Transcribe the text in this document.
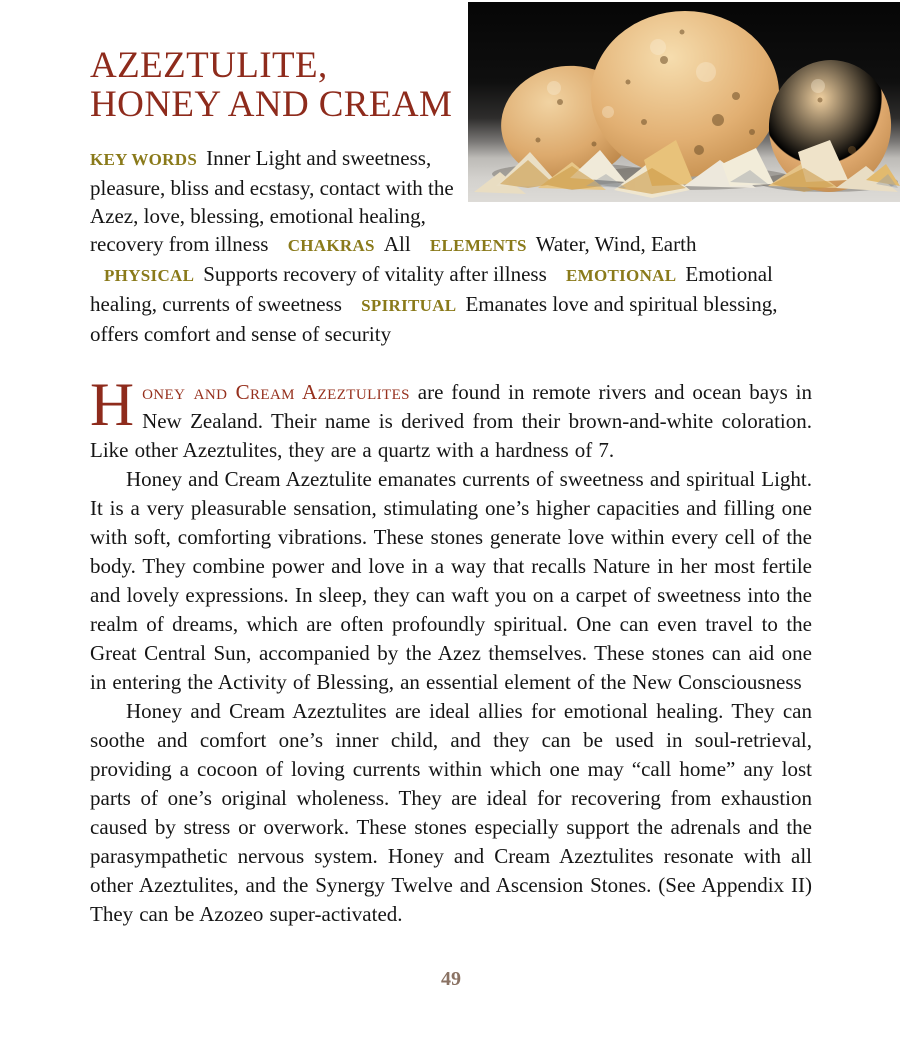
AZEZTULITE,
HONEY AND CREAM

KEY WORDS Inner Light and sweetness, pleasure, bliss and ecstasy, contact with the Azez, love, blessing, emotional healing, recovery from illness CHAKRAS All ELEMENTS Water, Wind, Earth PHYSICAL Supports recovery of vitality after illness EMOTIONAL Emotional healing, currents of sweetness SPIRITUAL Emanates love and spiritual blessing, offers comfort and sense of security

Honey and Cream Azeztulites are found in remote rivers and ocean bays in New Zealand. Their name is derived from their brown-and-white coloration. Like other Azeztulites, they are a quartz with a hardness of 7.

Honey and Cream Azeztulite emanates currents of sweetness and spiritual Light. It is a very pleasurable sensation, stimulating one’s higher capacities and filling one with soft, comforting vibrations. These stones generate love within every cell of the body. They combine power and love in a way that recalls Nature in her most fertile and lovely expressions. In sleep, they can waft you on a carpet of sweetness into the realm of dreams, which are often profoundly spiritual. One can even travel to the Great Central Sun, accompanied by the Azez themselves. These stones can aid one in entering the Activity of Blessing, an essential element of the New Consciousness

Honey and Cream Azeztulites are ideal allies for emotional healing. They can soothe and comfort one’s inner child, and they can be used in soul-retrieval, providing a cocoon of loving currents within which one may “call home” any lost parts of one’s original wholeness. They are ideal for recovering from exhaustion caused by stress or overwork. These stones especially support the adrenals and the parasympathetic nervous system. Honey and Cream Azeztulites resonate with all other Azeztulites, and the Synergy Twelve and Ascension Stones. (See Appendix II) They can be Azozeo super-activated.

49
